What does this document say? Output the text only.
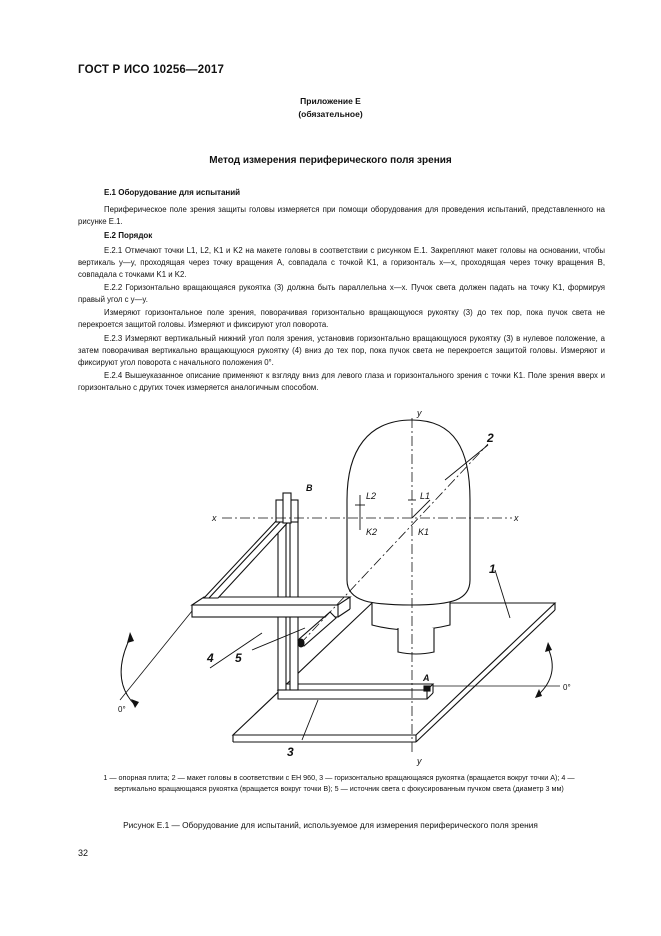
ГОСТ Р ИСО 10256—2017
Приложение Е
(обязательное)
Метод измерения периферического поля зрения
Е.1 Оборудование для испытаний
Периферическое поле зрения защиты головы измеряется при помощи оборудования для проведения испытаний, представленного на рисунке Е.1.
Е.2 Порядок
Е.2.1 Отмечают точки L1, L2, K1 и K2 на макете головы в соответствии с рисунком Е.1. Закрепляют макет головы на основании, чтобы вертикаль y—y, проходящая через точку вращения A, совпадала с точкой K1, а горизонталь x—x, проходящая через точку вращения B, совпадала с точками K1 и K2.
Е.2.2 Горизонтально вращающаяся рукоятка (3) должна быть параллельна x—x. Пучок света должен падать на точку K1, формируя правый угол с y—y.
Измеряют горизонтальное поле зрения, поворачивая горизонтально вращающуюся рукоятку (3) до тех пор, пока пучок света не перекроется защитой головы. Измеряют и фиксируют угол поворота.
Е.2.3 Измеряют вертикальный нижний угол поля зрения, установив горизонтально вращающуюся рукоятку (3) в нулевое положение, а затем поворачивая вертикально вращающуюся рукоятку (4) вниз до тех пор, пока пучок света не перекроется защитой головы. Измеряют и фиксируют угол поворота с начального положения 0°.
Е.2.4 Вышеуказанное описание применяют к взгляду вниз для левого глаза и горизонтального зрения с точки K1. Поле зрения вверх и горизонтально с других точек измеряется аналогичным способом.
y
y
x	x
L1
L2
K1
K2
A
B
1
2
3
4 5
0°
0°
1 — опорная плита; 2 — макет головы в соответствии с ЕН 960, 3 — горизонтально вращающаяся рукоятка (вращается вокруг точки А); 4 — вертикально вращающаяся рукоятка (вращается вокруг точки В); 5 — источник света с фокусированным пучком света (диаметр 3 мм)
Рисунок Е.1 — Оборудование для испытаний, используемое для измерения периферического поля зрения
32
